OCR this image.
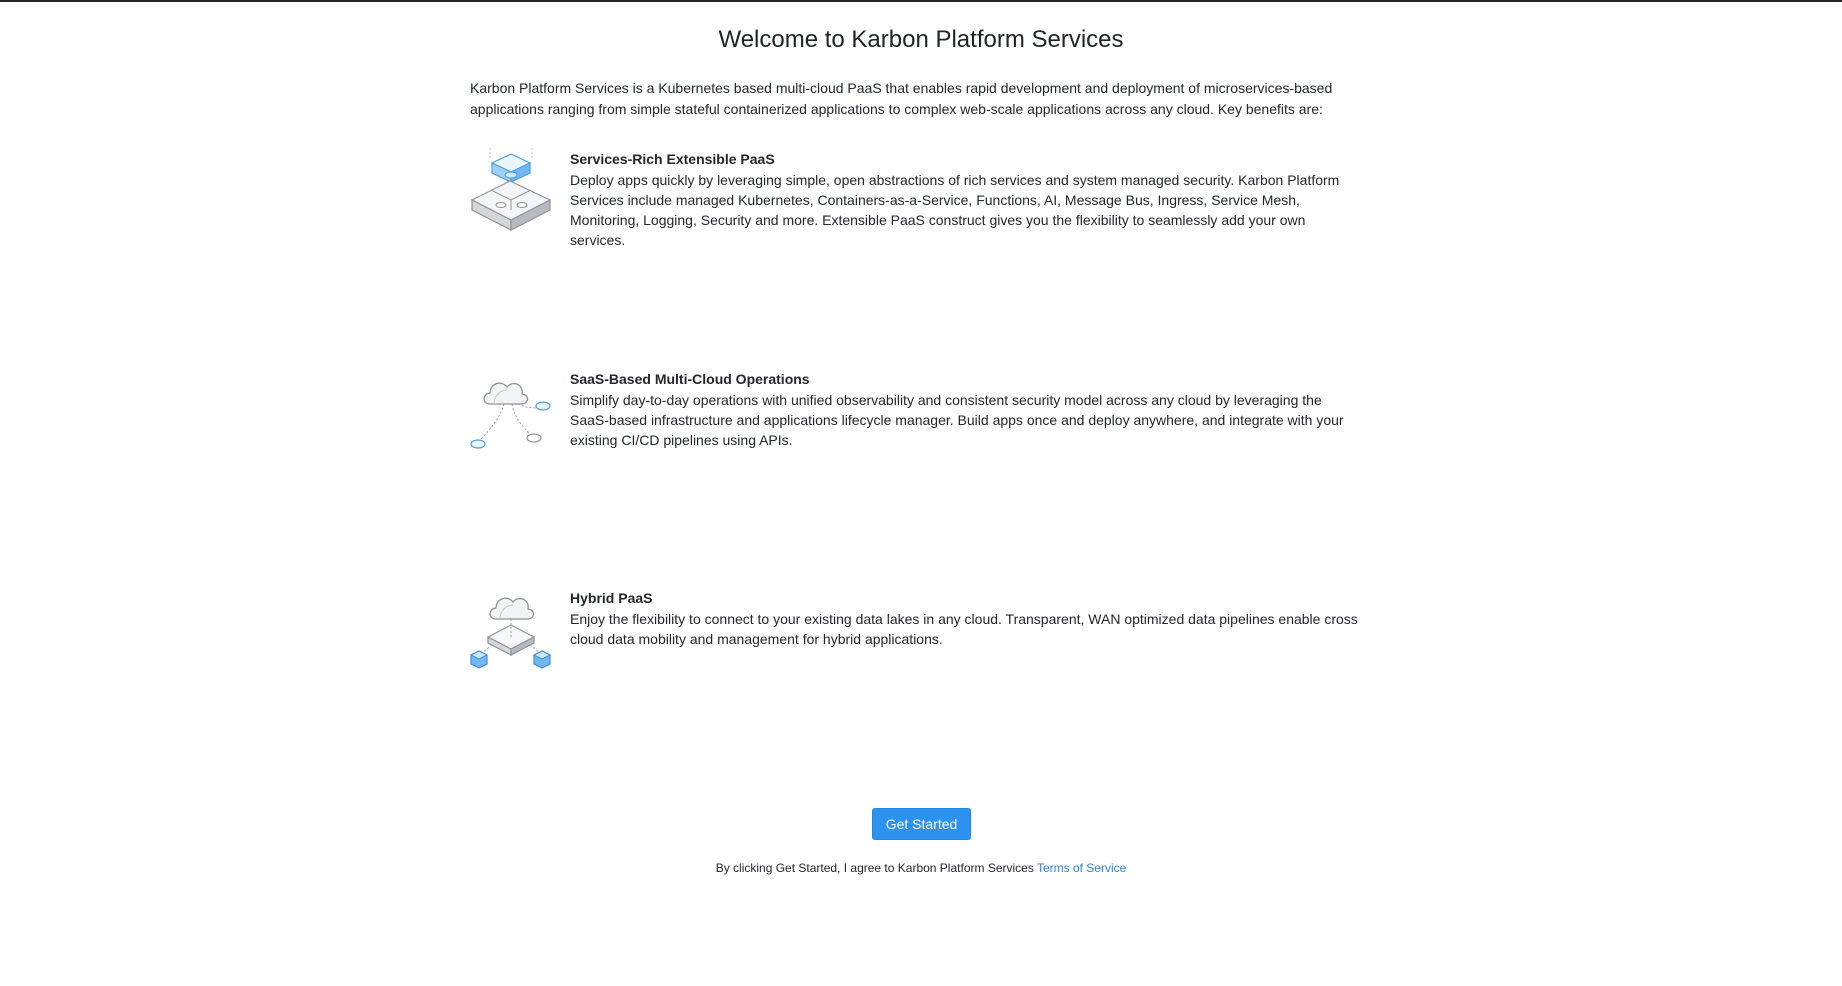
Welcome to Karbon Platform Services

Karbon Platform Services is a Kubernetes based multi-cloud PaaS that enables rapid development and deployment of microservices-based applications ranging from simple stateful containerized applications to complex web-scale applications across any cloud. Key benefits are:

Services-Rich Extensible PaaS

Deploy apps quickly by leveraging simple, open abstractions of rich services and system managed security. Karbon Platform Services include managed Kubernetes, Containers-as-a-Service, Functions, AI, Message Bus, Ingress, Service Mesh, Monitoring, Logging, Security and more. Extensible PaaS construct gives you the flexibility to seamlessly add your own services.

SaaS-Based Multi-Cloud Operations

Simplify day-to-day operations with unified observability and consistent security model across any cloud by leveraging the SaaS-based infrastructure and applications lifecycle manager. Build apps once and deploy anywhere, and integrate with your existing CI/CD pipelines using APIs.

Hybrid PaaS

Enjoy the flexibility to connect to your existing data lakes in any cloud. Transparent, WAN optimized data pipelines enable cross cloud data mobility and management for hybrid applications.

Get Started

By clicking Get Started, I agree to Karbon Platform Services Terms of Service
